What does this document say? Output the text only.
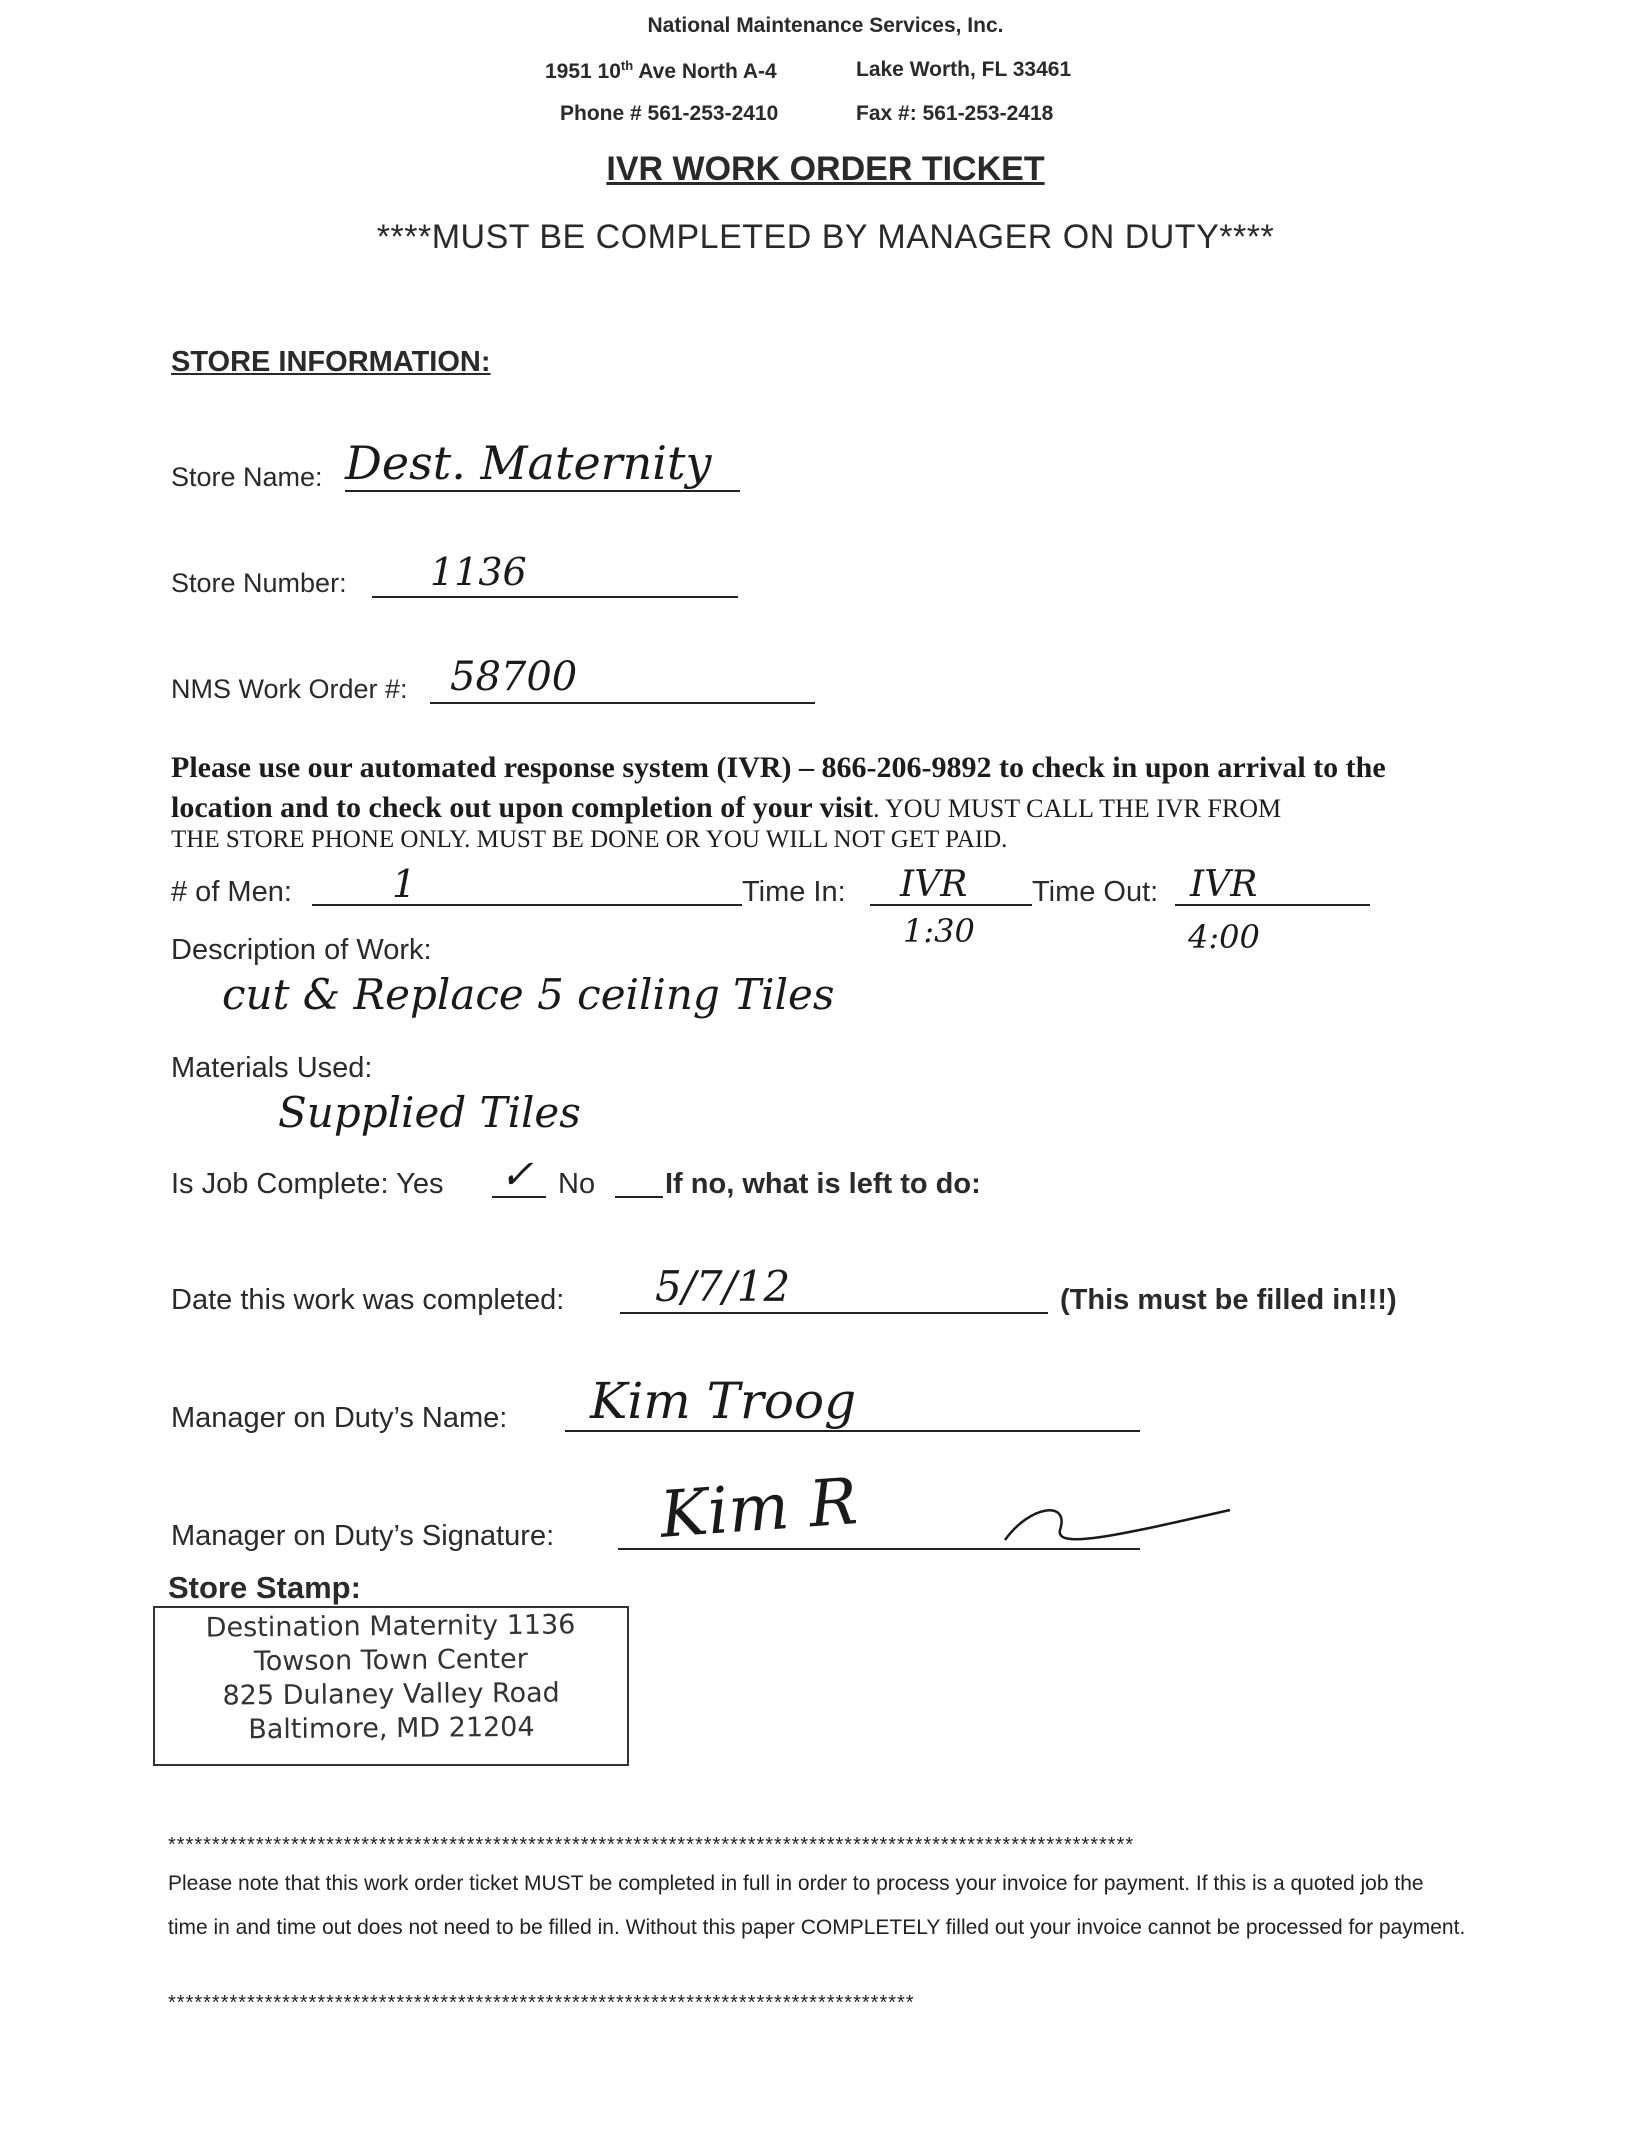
National Maintenance Services, Inc.
1951 10th Ave North A-4	Lake Worth, FL 33461
Phone # 561-253-2410	Fax #: 561-253-2418
IVR WORK ORDER TICKET
****MUST BE COMPLETED BY MANAGER ON DUTY****
STORE INFORMATION:
Store Name: Dest. Maternity
Store Number: 1136
NMS Work Order #: 58700
Please use our automated response system (IVR) – 866-206-9892 to check in upon arrival to the location and to check out upon completion of your visit. YOU MUST CALL THE IVR FROM
THE STORE PHONE ONLY. MUST BE DONE OR YOU WILL NOT GET PAID.
# of Men:	1	Time In: IVR
1:30
Time Out: IVR
4:00
Description of Work:
cut & Replace 5 ceiling Tiles
Materials Used:
Supplied Tiles
Is Job Complete: Yes ✓ No If no, what is left to do:
Date this work was completed: 5/7/12	(This must be filled in!!!)
Manager on Duty’s Name: Kim Troog
Manager on Duty’s Signature: Kim R
Store Stamp:
Destination Maternity 1136
Towson Town Center
825 Dulaney Valley Road
Baltimore, MD 21204
**************************************************************************************************************
Please note that this work order ticket MUST be completed in full in order to process your invoice for payment. If this is a quoted job the time in and time out does not need to be filled in. Without this paper COMPLETELY filled out your invoice cannot be processed for payment.
*************************************************************************************
